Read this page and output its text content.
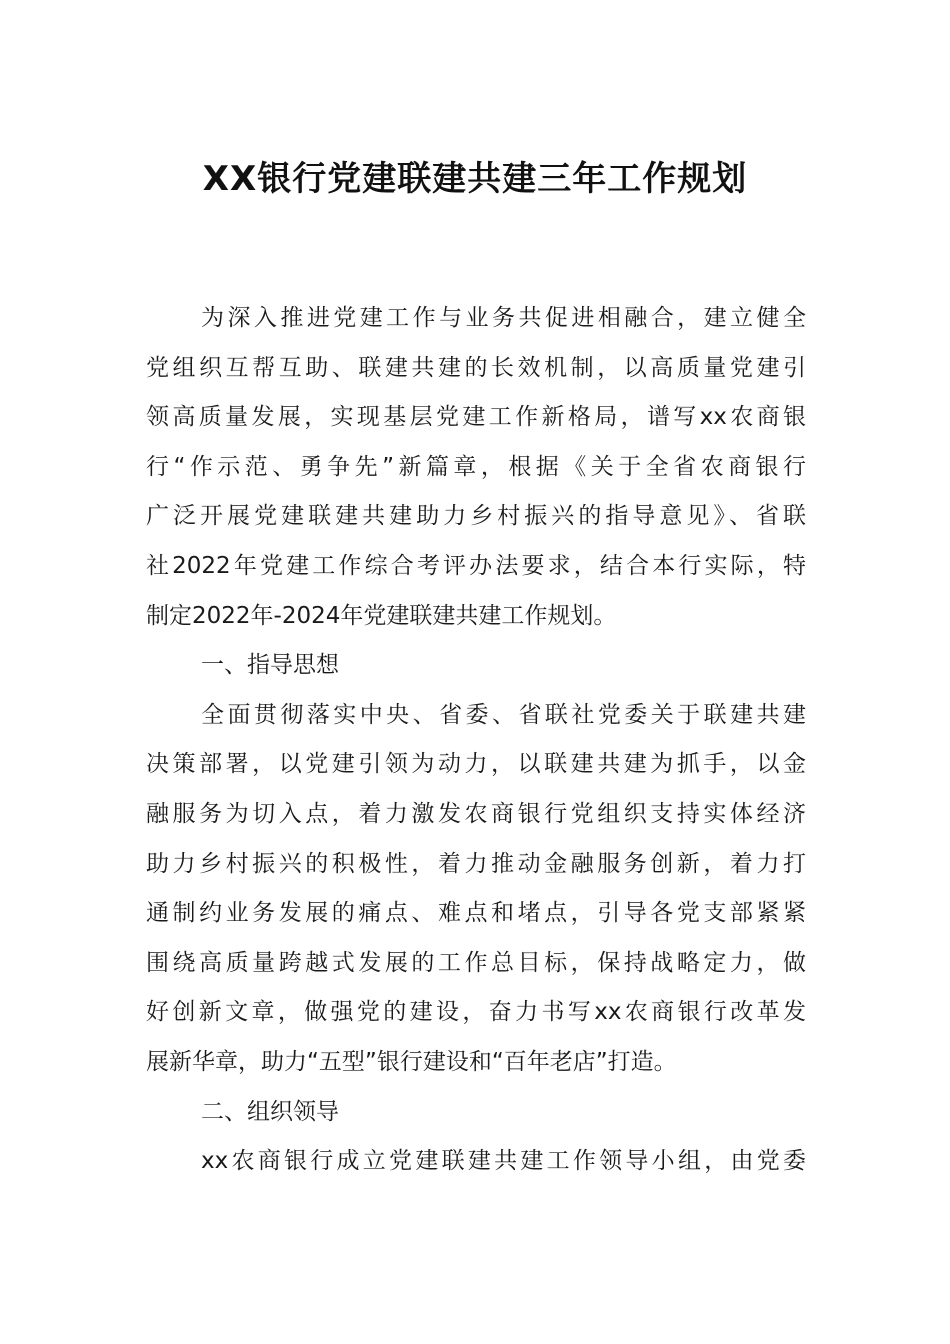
XX银行党建联建共建三年工作规划
为深入推进党建工作与业务共促进相融合，建立健全
党组织互帮互助、联建共建的长效机制，以高质量党建引
领高质量发展，实现基层党建工作新格局，谱写xx农商银
行“作示范、勇争先”新篇章，根据《关于全省农商银行
广泛开展党建联建共建助力乡村振兴的指导意见》、省联
社2022年党建工作综合考评办法要求，结合本行实际，特
制定2022年-2024年党建联建共建工作规划。
一、指导思想
全面贯彻落实中央、省委、省联社党委关于联建共建
决策部署，以党建引领为动力，以联建共建为抓手，以金
融服务为切入点，着力激发农商银行党组织支持实体经济
助力乡村振兴的积极性，着力推动金融服务创新，着力打
通制约业务发展的痛点、难点和堵点，引导各党支部紧紧
围绕高质量跨越式发展的工作总目标，保持战略定力，做
好创新文章，做强党的建设，奋力书写xx农商银行改革发
展新华章，助力“五型”银行建设和“百年老店”打造。
二、组织领导
xx农商银行成立党建联建共建工作领导小组，由党委
